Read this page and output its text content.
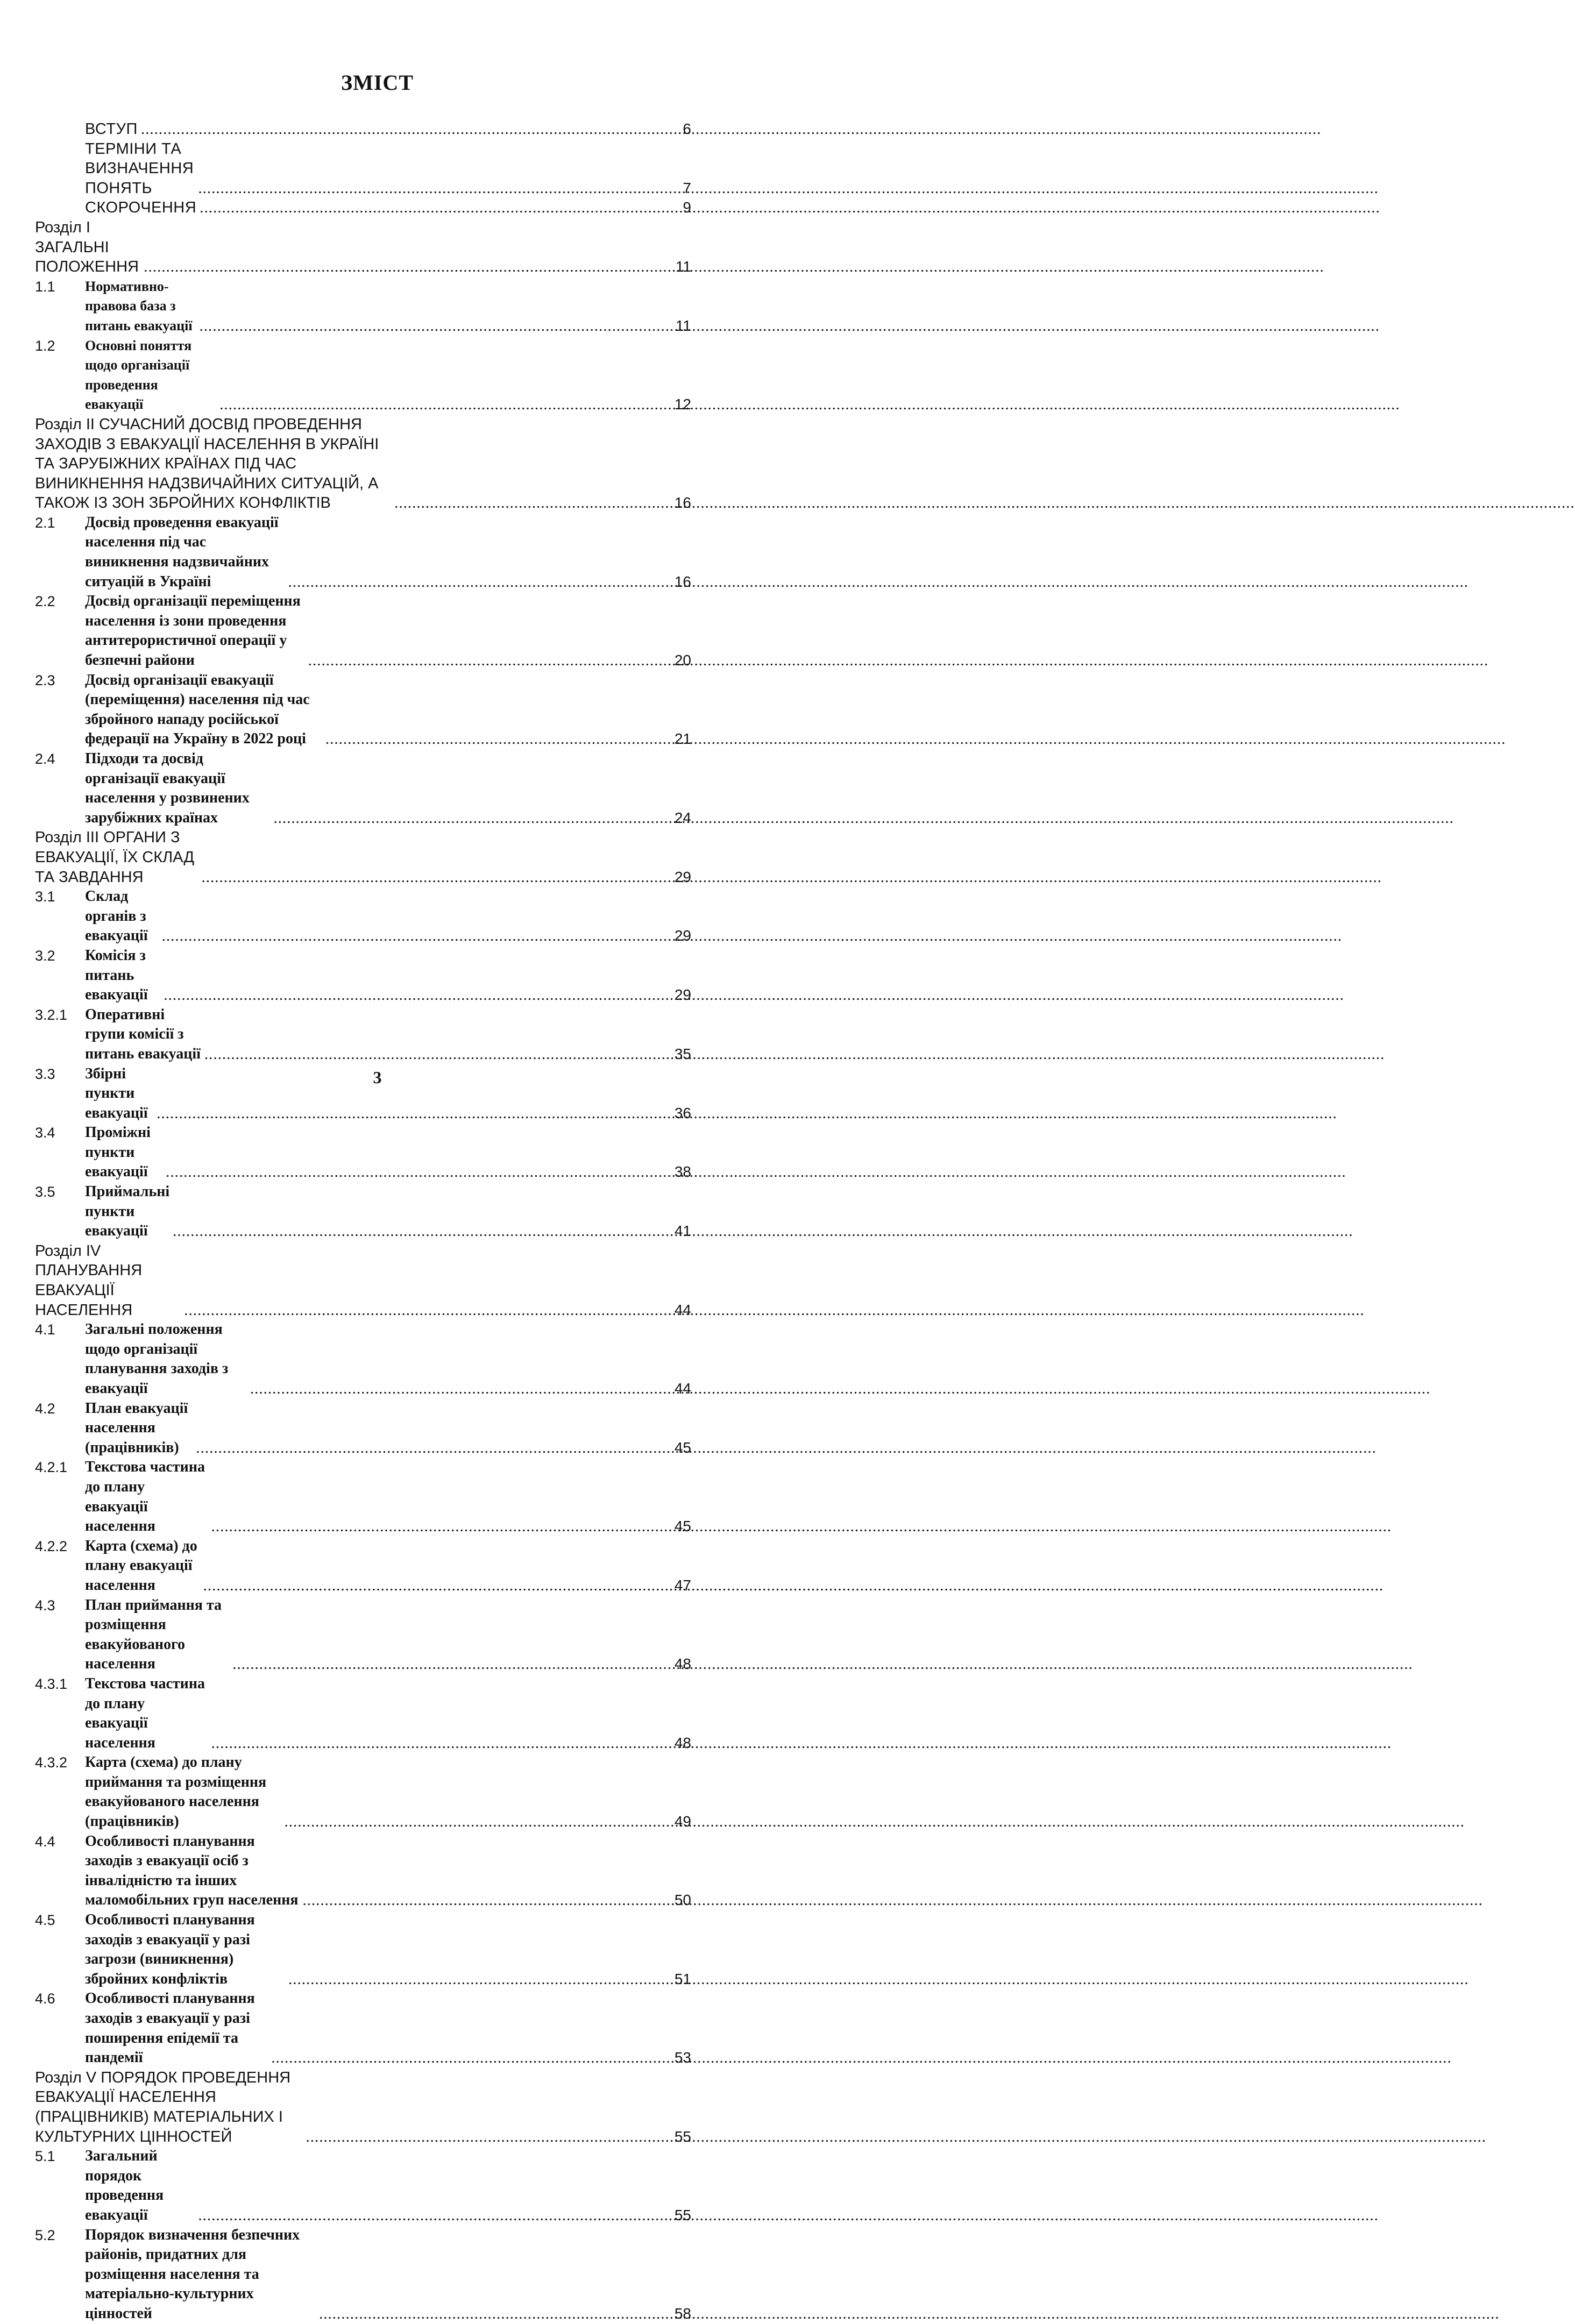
ЗМІСТ
ВСТУП .....	6
ТЕРМІНИ ТА ВИЗНАЧЕННЯ ПОНЯТЬ .....	7
СКОРОЧЕННЯ .....	9
Розділ І ЗАГАЛЬНІ ПОЛОЖЕННЯ .....	11
1.1	Нормативно-правова база з питань евакуації .....	11
1.2	Основні поняття щодо організації проведення евакуації .....	12
Розділ ІІ СУЧАСНИЙ ДОСВІД ПРОВЕДЕННЯ ЗАХОДІВ З ЕВАКУАЦІЇ НАСЕЛЕННЯ В УКРАЇНІ ТА ЗАРУБІЖНИХ КРАЇНАХ ПІД ЧАС ВИНИКНЕННЯ НАДЗВИЧАЙНИХ СИТУАЦІЙ, А ТАКОЖ ІЗ ЗОН ЗБРОЙНИХ КОНФЛІКТІВ .....	16
2.1	Досвід проведення евакуації населення під час виникнення надзвичайних ситуацій в Україні .....	16
2.2	Досвід організації переміщення населення із зони проведення антитерористичної операції у безпечні райони .....	20
2.3	Досвід організації евакуації (переміщення) населення під час збройного нападу російської федерації на Україну в 2022 році .....	21
2.4	Підходи та досвід організації евакуації населення у розвинених зарубіжних країнах .....	24
Розділ ІІІ ОРГАНИ З ЕВАКУАЦІЇ, ЇХ СКЛАД ТА ЗАВДАННЯ .....	29
3.1	Склад органів з евакуації .....	29
3.2	Комісія з питань евакуації .....	29
3.2.1	Оперативні групи комісії з питань евакуації .....	35
3.3	Збірні пункти евакуації .....	36
3.4	Проміжні пункти евакуації .....	38
3.5	Приймальні пункти евакуації .....	41
Розділ IV ПЛАНУВАННЯ ЕВАКУАЦІЇ НАСЕЛЕННЯ .....	44
4.1	Загальні положення щодо організації планування заходів з евакуації .....	44
4.2	План евакуації населення (працівників) .....	45
4.2.1	Текстова частина до плану евакуації населення .....	45
4.2.2	Карта (схема) до плану евакуації населення .....	47
4.3	План приймання та розміщення евакуйованого населення .....	48
4.3.1	Текстова частина до плану евакуації населення .....	48
4.3.2	Карта (схема) до плану приймання та розміщення евакуйованого населення (працівників) .....	49
4.4	Особливості планування заходів з евакуації осіб з інвалідністю та інших маломобільних груп населення .....	50
4.5	Особливості планування заходів з евакуації у разі загрози (виникнення) збройних конфліктів .....	51
4.6	Особливості планування заходів з евакуації у разі поширення епідемії та пандемії .....	53
Розділ V ПОРЯДОК ПРОВЕДЕННЯ ЕВАКУАЦІЇ НАСЕЛЕННЯ (ПРАЦІВНИКІВ) МАТЕРІАЛЬНИХ І КУЛЬТУРНИХ ЦІННОСТЕЙ .....	55
5.1	Загальний порядок проведення евакуації .....	55
5.2	Порядок визначення безпечних районів, придатних для розміщення населення та матеріально-культурних цінностей .....	58
3
